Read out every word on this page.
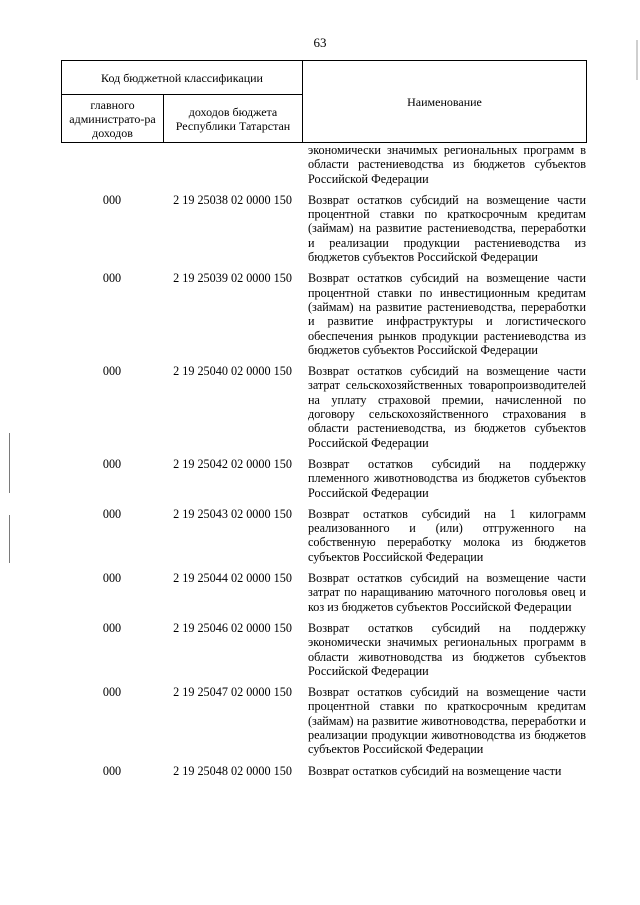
63
Код бюджетной классификации		Наименование
главного администрато-ра доходов	доходов бюджета Республики Татарстан	
экономически значимых региональных программ в области растениеводства из бюджетов субъектов Российской Федерации
000	2 19 25038 02 0000 150	Возврат остатков субсидий на возмещение части процентной ставки по краткосрочным кредитам (займам) на развитие растениеводства, переработки и реализации продукции растениеводства из бюджетов субъектов Российской Федерации
000	2 19 25039 02 0000 150	Возврат остатков субсидий на возмещение части процентной ставки по инвестиционным кредитам (займам) на развитие растениеводства, переработки и развитие инфраструктуры и логистического обеспечения рынков продукции растениеводства из бюджетов субъектов Российской Федерации
000	2 19 25040 02 0000 150	Возврат остатков субсидий на возмещение части затрат сельскохозяйственных товаропроизводителей на уплату страховой премии, начисленной по договору сельскохозяйственного страхования в области растениеводства, из бюджетов субъектов Российской Федерации
000	2 19 25042 02 0000 150	Возврат остатков субсидий на поддержку племенного животноводства из бюджетов субъектов Российской Федерации
000	2 19 25043 02 0000 150	Возврат остатков субсидий на 1 килограмм реализованного и (или) отгруженного на собственную переработку молока из бюджетов субъектов Российской Федерации
000	2 19 25044 02 0000 150	Возврат остатков субсидий на возмещение части затрат по наращиванию маточного поголовья овец и коз из бюджетов субъектов Российской Федерации
000	2 19 25046 02 0000 150	Возврат остатков субсидий на поддержку экономически значимых региональных программ в области животноводства из бюджетов субъектов Российской Федерации
000	2 19 25047 02 0000 150	Возврат остатков субсидий на возмещение части процентной ставки по краткосрочным кредитам (займам) на развитие животноводства, переработки и реализации продукции животноводства из бюджетов субъектов Российской Федерации
000	2 19 25048 02 0000 150	Возврат остатков субсидий на возмещение части
